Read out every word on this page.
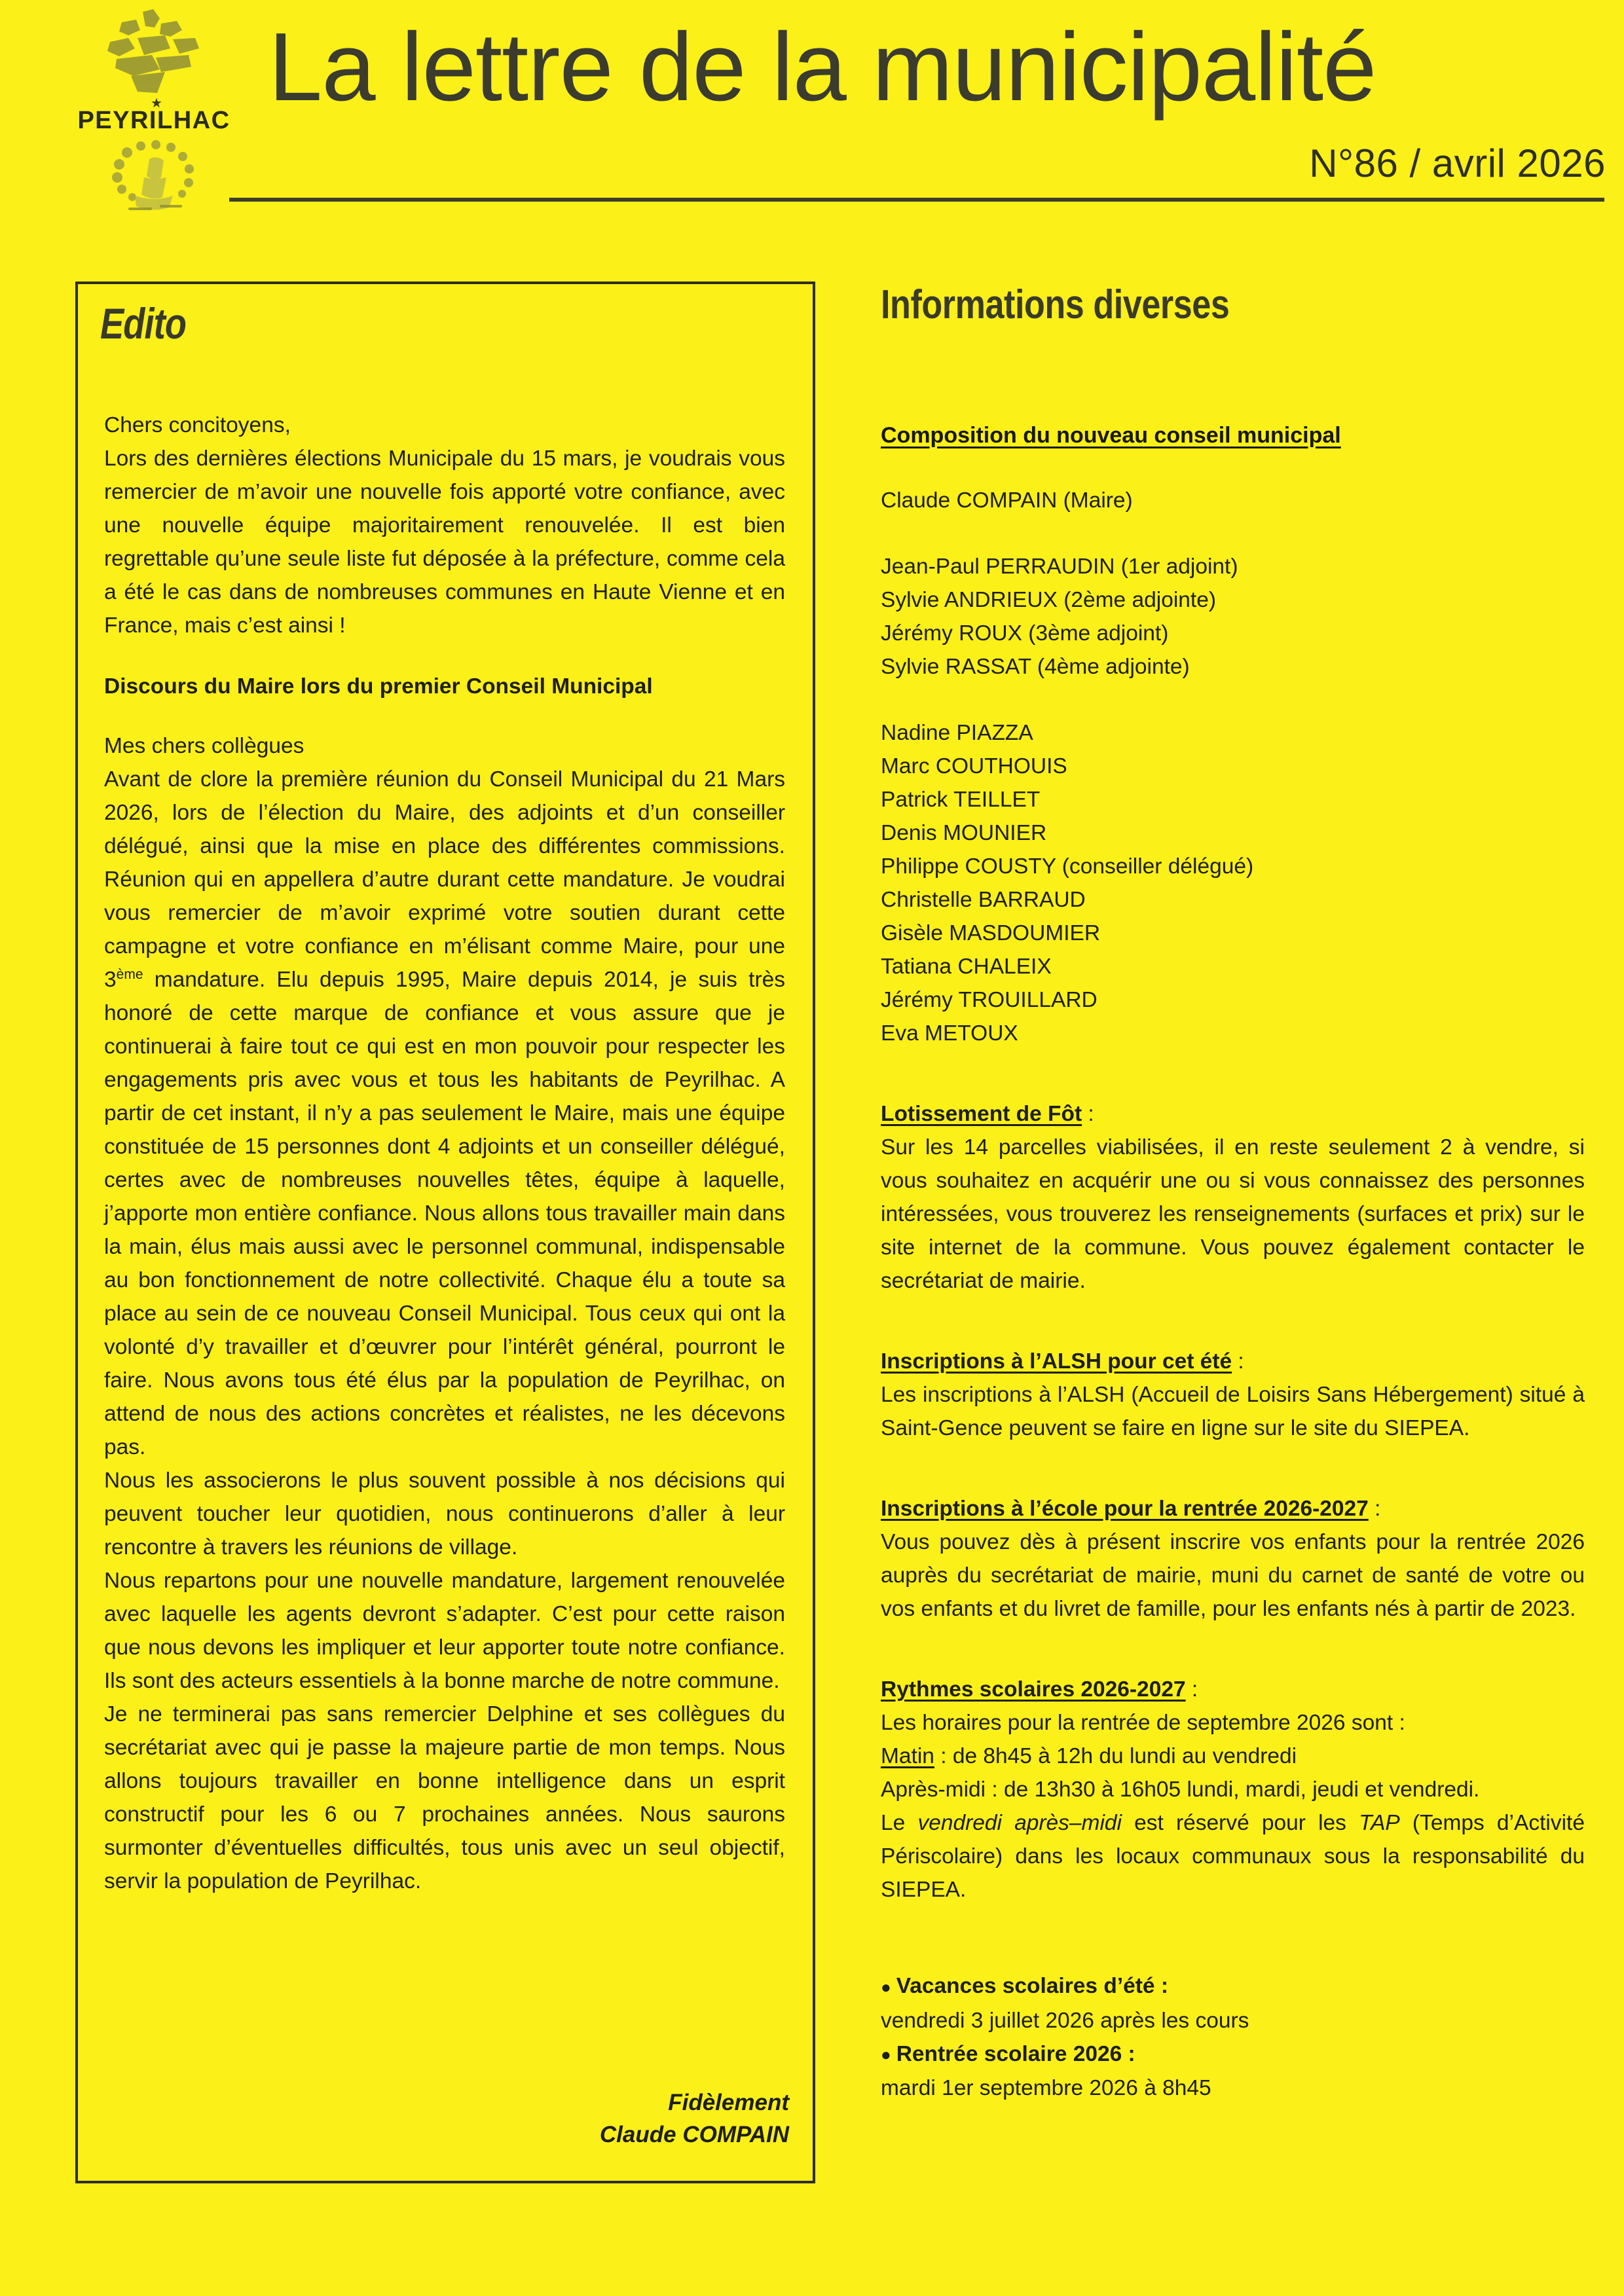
★
PEYRILHAC La lettre de la municipalité
N°86 / avril 2026
Edito

Chers concitoyens,

Lors des dernières élections Municipale du 15 mars, je voudrais vous remercier de m’avoir une nouvelle fois apporté votre confiance, avec une nouvelle équipe majoritairement renouvelée. Il est bien regrettable qu’une seule liste fut déposée à la préfecture, comme cela a été le cas dans de nombreuses communes en Haute Vienne et en France, mais c’est ainsi !

Discours du Maire lors du premier Conseil Municipal

Mes chers collègues

Avant de clore la première réunion du Conseil Municipal du 21 Mars 2026, lors de l’élection du Maire, des adjoints et d’un conseiller délégué, ainsi que la mise en place des différentes commissions. Réunion qui en appellera d’autre durant cette mandature. Je voudrai vous remercier de m’avoir exprimé votre soutien durant cette campagne et votre confiance en m’élisant comme Maire, pour une 3ème mandature. Elu depuis 1995, Maire depuis 2014, je suis très honoré de cette marque de confiance et vous assure que je continuerai à faire tout ce qui est en mon pouvoir pour respecter les engagements pris avec vous et tous les habitants de Peyrilhac. A partir de cet instant, il n’y a pas seulement le Maire, mais une équipe constituée de 15 personnes dont 4 adjoints et un conseiller délégué, certes avec de nombreuses nouvelles têtes, équipe à laquelle, j’apporte mon entière confiance. Nous allons tous travailler main dans la main, élus mais aussi avec le personnel communal, indispensable au bon fonctionnement de notre collectivité. Chaque élu a toute sa place au sein de ce nouveau Conseil Municipal. Tous ceux qui ont la volonté d’y travailler et d’œuvrer pour l’intérêt général, pourront le faire. Nous avons tous été élus par la population de Peyrilhac, on attend de nous des actions concrètes et réalistes, ne les décevons pas.

Nous les associerons le plus souvent possible à nos décisions qui peuvent toucher leur quotidien, nous continuerons d’aller à leur rencontre à travers les réunions de village.

Nous repartons pour une nouvelle mandature, largement renouvelée avec laquelle les agents devront s’adapter. C’est pour cette raison que nous devons les impliquer et leur apporter toute notre confiance. Ils sont des acteurs essentiels à la bonne marche de notre commune.

Je ne terminerai pas sans remercier Delphine et ses collègues du secrétariat avec qui je passe la majeure partie de mon temps. Nous allons toujours travailler en bonne intelligence dans un esprit constructif pour les 6 ou 7 prochaines années. Nous saurons surmonter d’éventuelles difficultés, tous unis avec un seul objectif, servir la population de Peyrilhac.

Fidèlement
Claude COMPAIN
Informations diverses
Composition du nouveau conseil municipal
Claude COMPAIN (Maire)
Jean-Paul PERRAUDIN (1er adjoint)
Sylvie ANDRIEUX (2ème adjointe)
Jérémy ROUX (3ème adjoint)
Sylvie RASSAT (4ème adjointe)
Nadine PIAZZA
Marc COUTHOUIS
Patrick TEILLET
Denis MOUNIER
Philippe COUSTY (conseiller délégué)
Christelle BARRAUD
Gisèle MASDOUMIER
Tatiana CHALEIX
Jérémy TROUILLARD
Eva METOUX
Lotissement de Fôt :
Sur les 14 parcelles viabilisées, il en reste seulement 2 à vendre, si vous souhaitez en acquérir une ou si vous connaissez des personnes intéressées, vous trouverez les renseignements (surfaces et prix) sur le site internet de la commune. Vous pouvez également contacter le secrétariat de mairie.
Inscriptions à l’ALSH pour cet été :
Les inscriptions à l’ALSH (Accueil de Loisirs Sans Hébergement) situé à Saint-Gence peuvent se faire en ligne sur le site du SIEPEA.
Inscriptions à l’école pour la rentrée 2026-2027 :
Vous pouvez dès à présent inscrire vos enfants pour la rentrée 2026 auprès du secrétariat de mairie, muni du carnet de santé de votre ou vos enfants et du livret de famille, pour les enfants nés à partir de 2023.
Rythmes scolaires 2026-2027 :
Les horaires pour la rentrée de septembre 2026 sont :
Matin : de 8h45 à 12h du lundi au vendredi
Après-midi : de 13h30 à 16h05 lundi, mardi, jeudi et vendredi.
Le vendredi après–midi est réservé pour les TAP (Temps d’Activité Périscolaire) dans les locaux communaux sous la responsabilité du SIEPEA.
● Vacances scolaires d’été :
vendredi 3 juillet 2026 après les cours
● Rentrée scolaire 2026 :
mardi 1er septembre 2026 à 8h45
